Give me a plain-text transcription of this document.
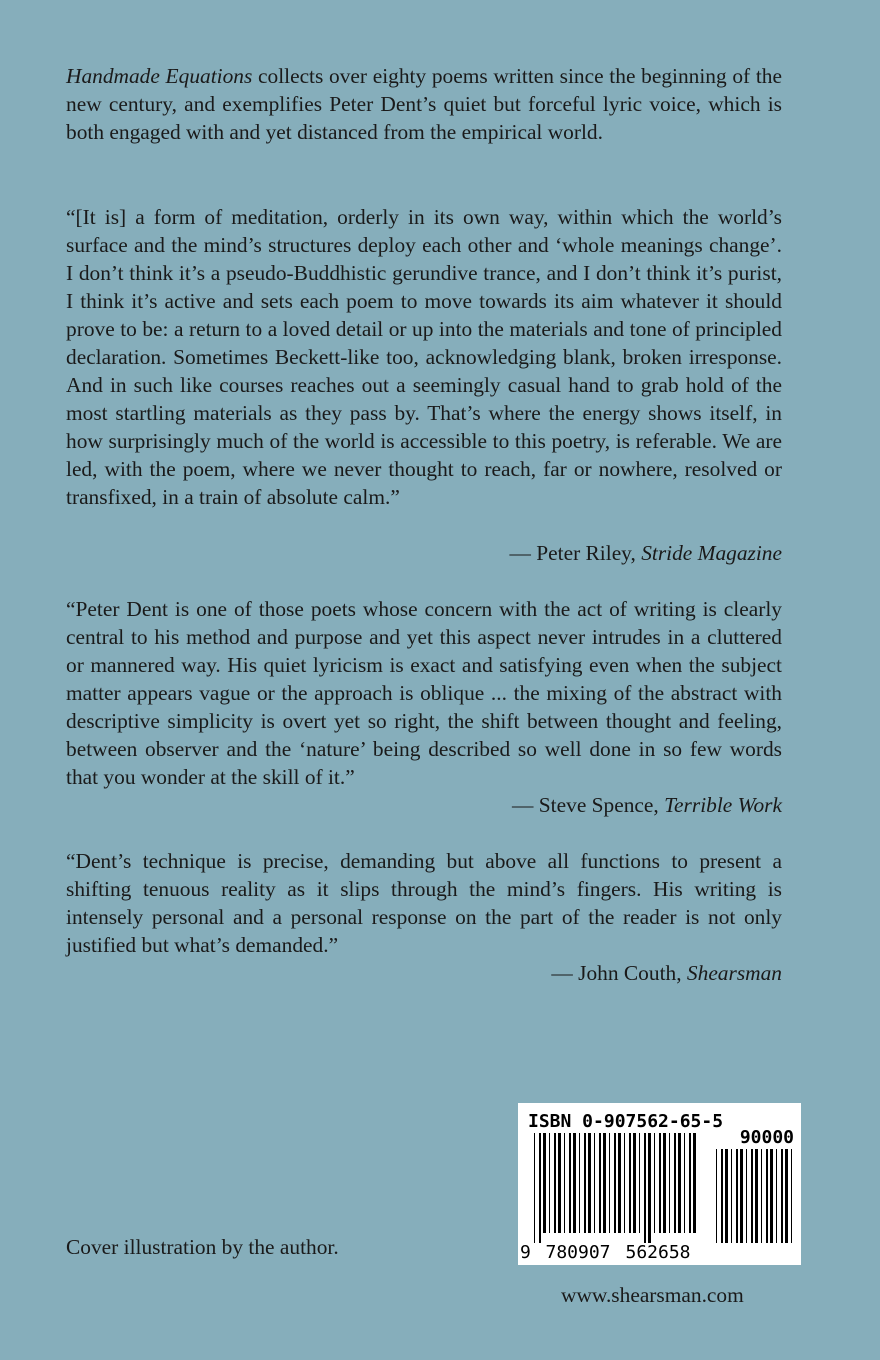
Handmade Equations collects over eighty poems written since the beginning of the new century, and exemplifies Peter Dent’s quiet but forceful lyric voice, which is both engaged with and yet distanced from the empirical world.

“[It is] a form of meditation, orderly in its own way, within which the world’s surface and the mind’s structures deploy each other and ‘whole meanings change’. I don’t think it’s a pseudo-Buddhistic gerundive trance, and I don’t think it’s purist, I think it’s active and sets each poem to move towards its aim whatever it should prove to be: a return to a loved detail or up into the materials and tone of principled declaration. Sometimes Beckett-like too, acknowledging blank, broken irresponse. And in such like courses reaches out a seemingly casual hand to grab hold of the most startling materials as they pass by. That’s where the energy shows itself, in how surprisingly much of the world is accessible to this poetry, is referable. We are led, with the poem, where we never thought to reach, far or nowhere, resolved or transfixed, in a train of absolute calm.”

— Peter Riley, Stride Magazine

“Peter Dent is one of those poets whose concern with the act of writing is clearly central to his method and purpose and yet this aspect never intrudes in a cluttered or mannered way. His quiet lyricism is exact and satisfying even when the subject matter appears vague or the approach is oblique ... the mixing of the abstract with descriptive simplicity is overt yet so right, the shift between thought and feeling, between observer and the ‘nature’ being described so well done in so few words that you wonder at the skill of it.”

— Steve Spence, Terrible Work

“Dent’s technique is precise, demanding but above all functions to present a shifting tenuous reality as it slips through the mind’s fingers. His writing is intensely personal and a personal response on the part of the reader is not only justified but what’s demanded.”

— John Couth, Shearsman

Cover illustration by the author.

ISBN 0-907562-65-5
90000
9 780907 562658

www.shearsman.com
